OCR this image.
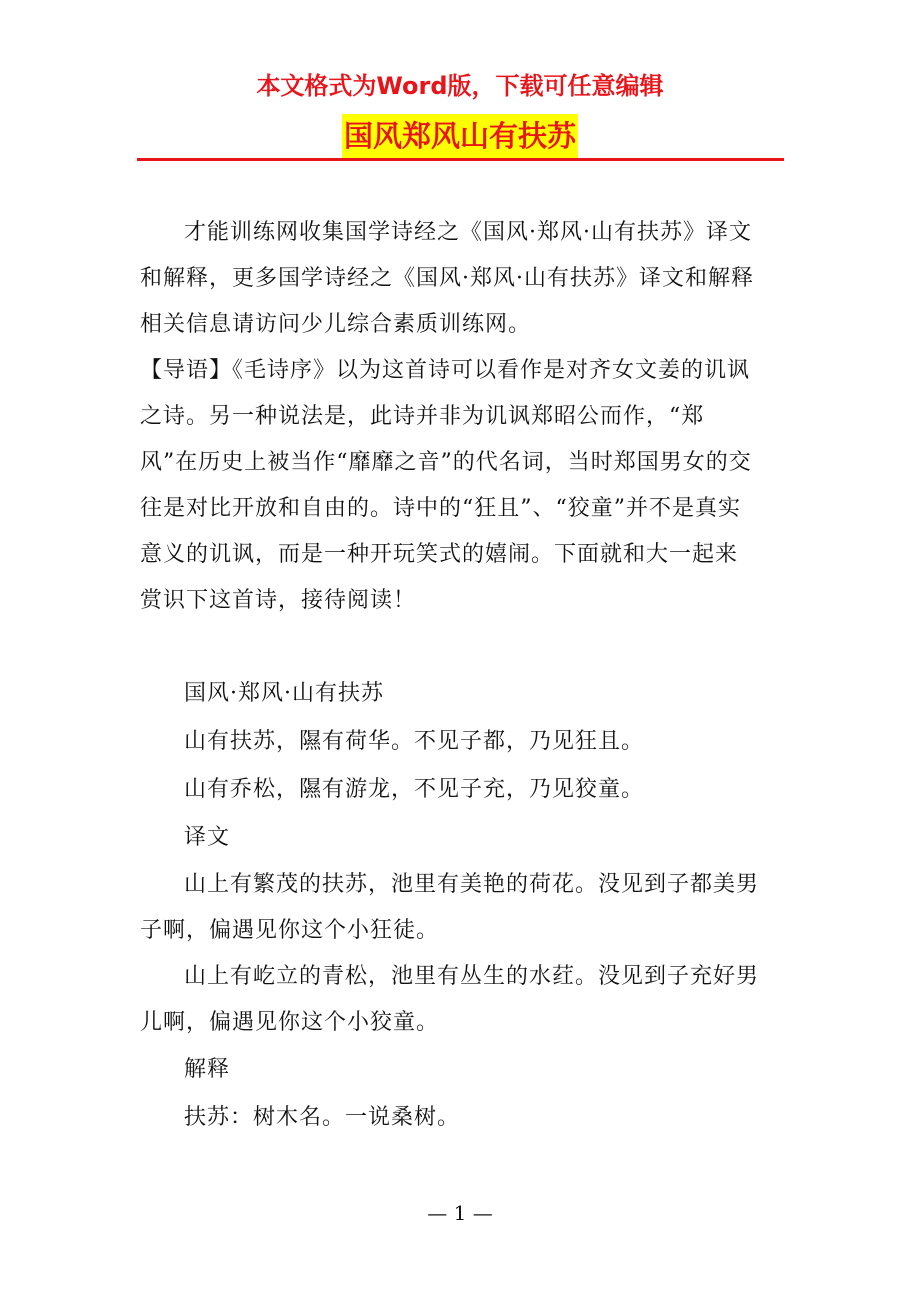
本文格式为Word版，下载可任意编辑
国风郑风山有扶苏

才能训练网收集国学诗经之《国风·郑风·山有扶苏》译文和解释，更多国学诗经之《国风·郑风·山有扶苏》译文和解释相关信息请访问少儿综合素质训练网。

【导语】《毛诗序》以为这首诗可以看作是对齐女文姜的讥讽之诗。另一种说法是，此诗并非为讥讽郑昭公而作，“郑风”在历史上被当作“靡靡之音”的代名词，当时郑国男女的交往是对比开放和自由的。诗中的“狂且”、“狡童”并不是真实意义的讥讽，而是一种开玩笑式的嬉闹。下面就和大一起来赏识下这首诗，接待阅读！

国风·郑风·山有扶苏

山有扶苏，隰有荷华。不见子都，乃见狂且。

山有乔松，隰有游龙，不见子充，乃见狡童。

译文

山上有繁茂的扶苏，池里有美艳的荷花。没见到子都美男子啊，偏遇见你这个小狂徒。

山上有屹立的青松，池里有丛生的水荭。没见到子充好男儿啊，偏遇见你这个小狡童。

解释

扶苏：树木名。一说桑树。

— 1 —
